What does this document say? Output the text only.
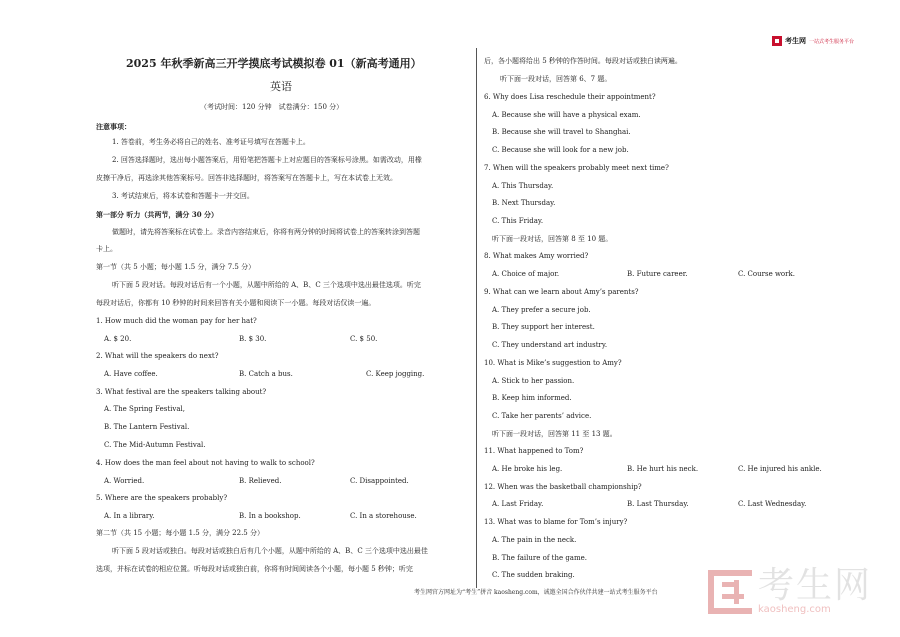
考生网 一站式考生服务平台
2025 年秋季新高三开学摸底考试模拟卷 01（新高考通用）
英语
（考试时间：120 分钟　试卷满分：150 分）
注意事项：
1. 答卷前，考生务必将自己的姓名、准考证号填写在答题卡上。
2. 回答选择题时，选出每小题答案后，用铅笔把答题卡上对应题目的答案标号涂黑。如需改动，用橡
皮擦干净后，再选涂其他答案标号。回答非选择题时，将答案写在答题卡上，写在本试卷上无效。
3. 考试结束后，将本试卷和答题卡一并交回。
第一部分 听力（共两节，满分 30 分）
做题时，请先将答案标在试卷上。录音内容结束后，你将有两分钟的时间将试卷上的答案转涂到答题
卡上。
第一节（共 5 小题；每小题 1.5 分，满分 7.5 分）
听下面 5 段对话。每段对话后有一个小题，从题中所给的 A、B、C 三个选项中选出最佳选项。听完
每段对话后，你都有 10 秒钟的时间来回答有关小题和阅读下一小题。每段对话仅读一遍。
1. How much did the woman pay for her hat?
A. $ 20.	B. $ 30.	C. $ 50.
2. What will the speakers do next?
A. Have coffee.	B. Catch a bus.	C. Keep jogging.
3. What festival are the speakers talking about?
A. The Spring Festival,
B. The Lantern Festival.
C. The Mid-Autumn Festival.
4. How does the man feel about not having to walk to school?
A. Worried.	B. Relieved.	C. Disappointed.
5. Where are the speakers probably?
A. In a library.	B. In a bookshop.	C. In a storehouse.
第二节（共 15 小题；每小题 1.5 分，满分 22.5 分）
听下面 5 段对话或独白。每段对话或独白后有几个小题，从题中所给的 A、B、C 三个选项中选出最佳
选项，并标在试卷的相应位置。听每段对话或独白前，你将有时间阅读各个小题，每小题 5 秒钟；听完
后，各小题将给出 5 秒钟的作答时间。每段对话或独白读两遍。
听下面一段对话，回答第 6、7 题。
6. Why does Lisa reschedule their appointment?
A. Because she will have a physical exam.
B. Because she will travel to Shanghai.
C. Because she will look for a new job.
7. When will the speakers probably meet next time?
A. This Thursday.
B. Next Thursday.
C. This Friday.
听下面一段对话，回答第 8 至 10 题。
8. What makes Amy worried?
A. Choice of major.	B. Future career.	C. Course work.
9. What can we learn about Amy’s parents?
A. They prefer a secure job.
B. They support her interest.
C. They understand art industry.
10. What is Mike’s suggestion to Amy?
A. Stick to her passion.
B. Keep him informed.
C. Take her parents’ advice.
听下面一段对话，回答第 11 至 13 题。
11. What happened to Tom?
A. He broke his leg.	B. He hurt his neck.	C. He injured his ankle.
12. When was the basketball championship?
A. Last Friday.	B. Last Thursday.	C. Last Wednesday.
13. What was to blame for Tom’s injury?
A. The pain in the neck.
B. The failure of the game.
C. The sudden braking.
考生网官方网址为“考生”拼音 kaosheng.com，诚邀全国合作伙伴共建一站式考生服务平台	考生网
kaosheng.com
